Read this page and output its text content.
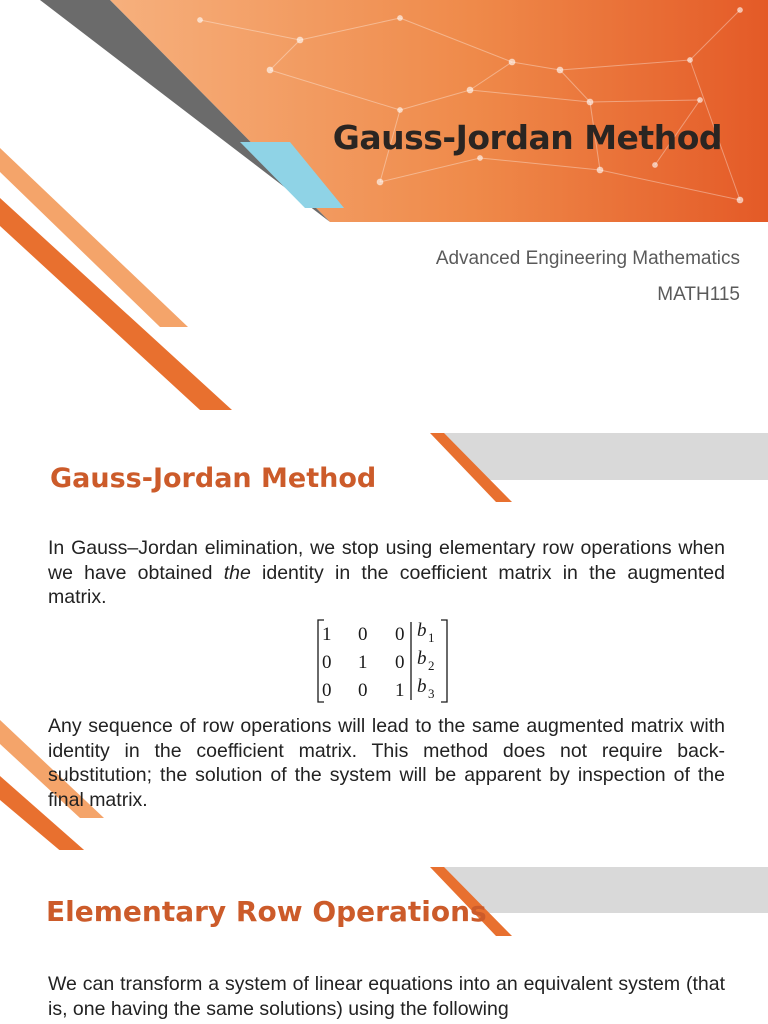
Gauss-Jordan Method
Advanced Engineering Mathematics
MATH115
Gauss-Jordan Method

In Gauss–Jordan elimination, we stop using elementary row operations when we have obtained the identity in the coefficient matrix in the augmented matrix.

1 0 0
0 1 0
0 0 1
b
b
b
1
2
3

Any sequence of row operations will lead to the same augmented matrix with identity in the coefficient matrix. This method does not require back-substitution; the solution of the system will be apparent by inspection of the final matrix.

Elementary Row Operations

We can transform a system of linear equations into an equivalent system (that is, one having the same solutions) using the following
